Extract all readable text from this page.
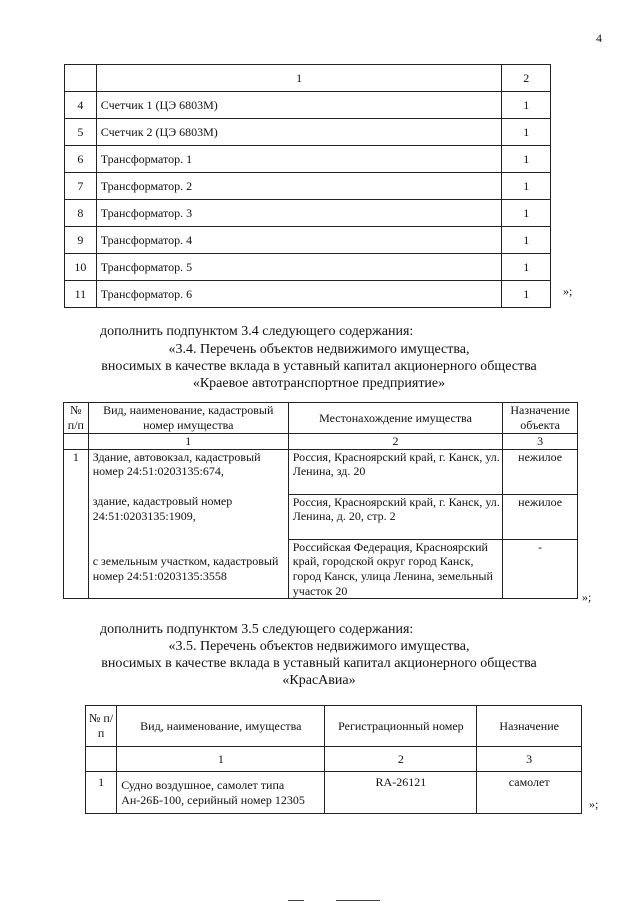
4
	1	2
4	Счетчик 1 (ЦЭ 6803М)	1
5	Счетчик 2 (ЦЭ 6803М)	1
6	Трансформатор. 1	1
7	Трансформатор. 2	1
8	Трансформатор. 3	1
9	Трансформатор. 4	1
10	Трансформатор. 5	1
11	Трансформатор. 6	1	»;
дополнить подпунктом 3.4 следующего содержания:
«3.4. Перечень объектов недвижимого имущества,
вносимых в качестве вклада в уставный капитал акционерного общества
«Краевое автотранспортное предприятие»
№ п/п	Вид, наименование, кадастровый номер имущества	Местонахождение имущества	Назначение объекта
	1	2	3
1	Здание, автовокзал, кадастровый номер 24:51:0203135:674,	Россия, Красноярский край, г. Канск, ул. Ленина, зд. 20	нежилое
	здание, кадастровый номер 24:51:0203135:1909,	Россия, Красноярский край, г. Канск, ул. Ленина, д. 20, стр. 2	нежилое
	с земельным участком, кадастровый номер 24:51:0203135:3558	Российская Федерация, Красноярский край, городской округ город Канск, город Канск, улица Ленина, земельный участок 20	-
»;
дополнить подпунктом 3.5 следующего содержания:
«3.5. Перечень объектов недвижимого имущества,
вносимых в качестве вклада в уставный капитал акционерного общества
«КрасАвиа»
№ п/п	Вид, наименование, имущества	Регистрационный номер	Назначение
	1	2	3
1	Судно воздушное, самолет типа Ан-26Б-100, серийный номер 12305	RA-26121	самолет
»;
